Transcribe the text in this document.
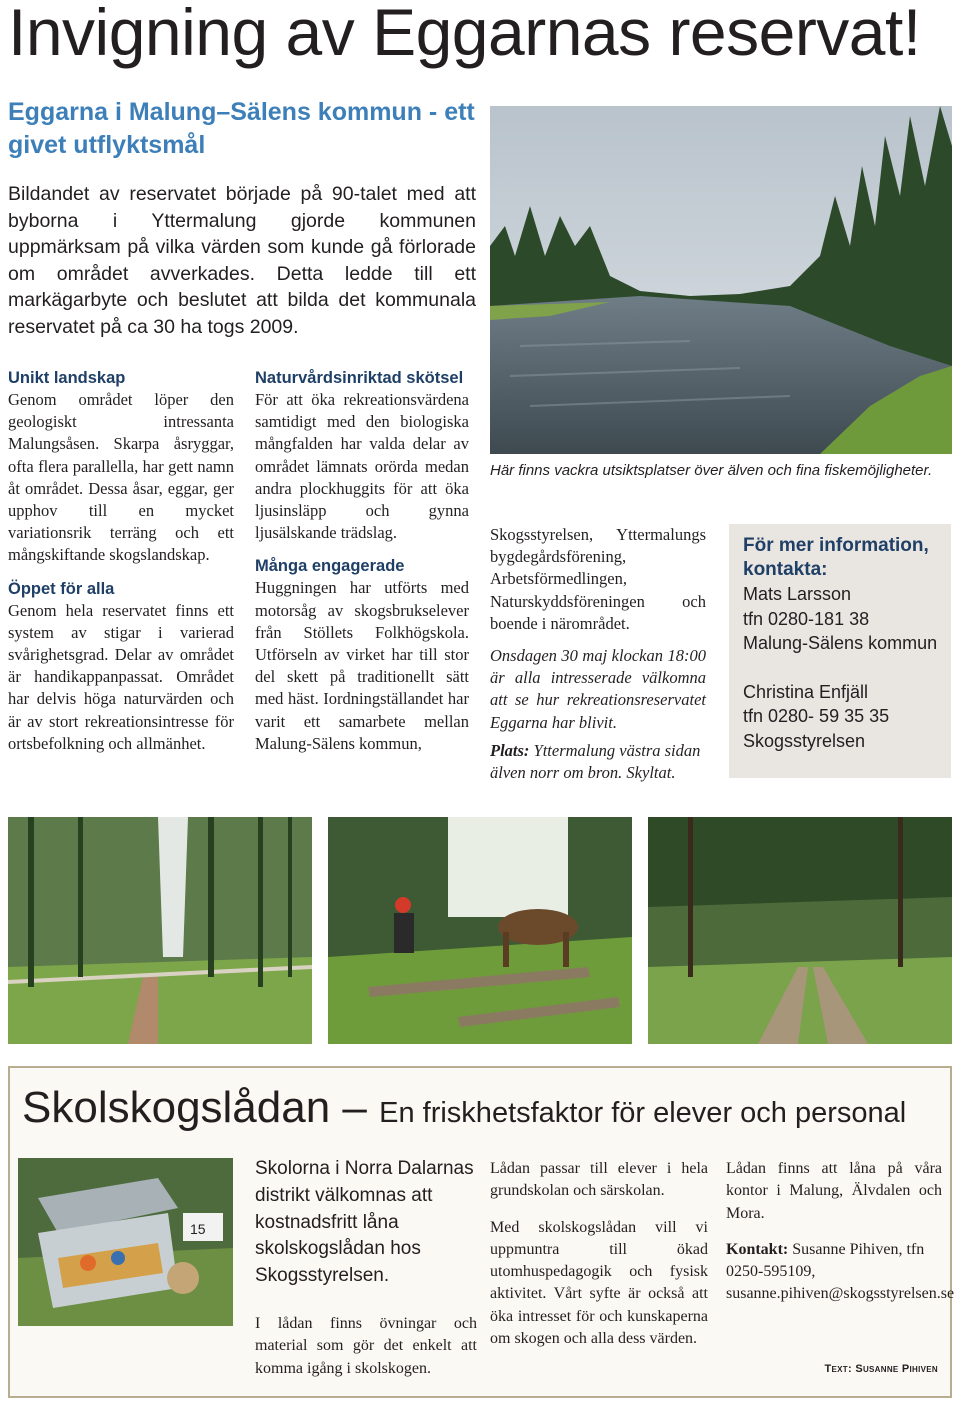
Invigning av Eggarnas reservat!
Eggarna i Malung–Sälens kommun - ett givet utflyktsmål

Bildandet av reservatet började på 90-talet med att byborna i Yttermalung gjorde kommunen uppmärksam på vilka värden som kunde gå förlorade om området avverkades. Detta ledde till ett markägarbyte och beslutet att bilda det kommunala reservatet på ca 30 ha togs 2009.

Här finns vackra utsiktsplatser över älven och fina fiskemöjligheter.
Unikt landskap

Genom området löper den geologiskt intressanta Malungsåsen. Skarpa åsryggar, ofta flera parallella, har gett namn åt området. Dessa åsar, eggar, ger upphov till en mycket variationsrik terräng och ett mångskiftande skogslandskap.

Öppet för alla

Genom hela reservatet finns ett system av stigar i varierad svårighetsgrad. Delar av området är handikappanpassat. Området har delvis höga naturvärden och är av stort rekreationsintresse för ortsbefolkning och allmänhet.

Naturvårdsinriktad skötsel

För att öka rekreationsvärdena samtidigt med den biologiska mångfalden har valda delar av området lämnats orörda medan andra plockhuggits för att öka ljusinsläpp och gynna ljusälskande trädslag.

Många engagerade

Huggningen har utförts med motorsåg av skogsbrukselever från Stöllets Folkhögskola. Utförseln av virket har till stor del skett på traditionellt sätt med häst. Iordningställandet har varit ett samarbete mellan Malung-Sälens kommun,

Skogsstyrelsen, Yttermalungs bygdegårdsförening, Arbetsförmedlingen, Naturskyddsföreningen och boende i närområdet.

Onsdagen 30 maj klockan 18:00 är alla intresserade välkomna att se hur rekreationsreservatet Eggarna har blivit.

Plats: Yttermalung västra sidan älven norr om bron. Skyltat.

För mer information, kontakta:
Mats Larsson
tfn 0280-181 38
Malung-Sälens kommun
Christina Enfjäll
tfn 0280- 59 35 35
Skogsstyrelsen
Skolskogslådan – En friskhetsfaktor för elever och personal
15
Skolorna i Norra Dalarnas distrikt välkomnas att kostnadsfritt låna skolskogslådan hos Skogsstyrelsen.

I lådan finns övningar och material som gör det enkelt att komma igång i skolskogen.

Lådan passar till elever i hela grundskolan och särskolan.

Med skolskogslådan vill vi uppmuntra till ökad utomhuspedagogik och fysisk aktivitet. Vårt syfte är också att öka intresset för och kunskaperna om skogen och alla dess värden.

Lådan finns att låna på våra kontor i Malung, Älvdalen och Mora.

Kontakt: Susanne Pihiven, tfn 0250-595109, susanne.pihiven@skogsstyrelsen.se

Text: Susanne Pihiven
